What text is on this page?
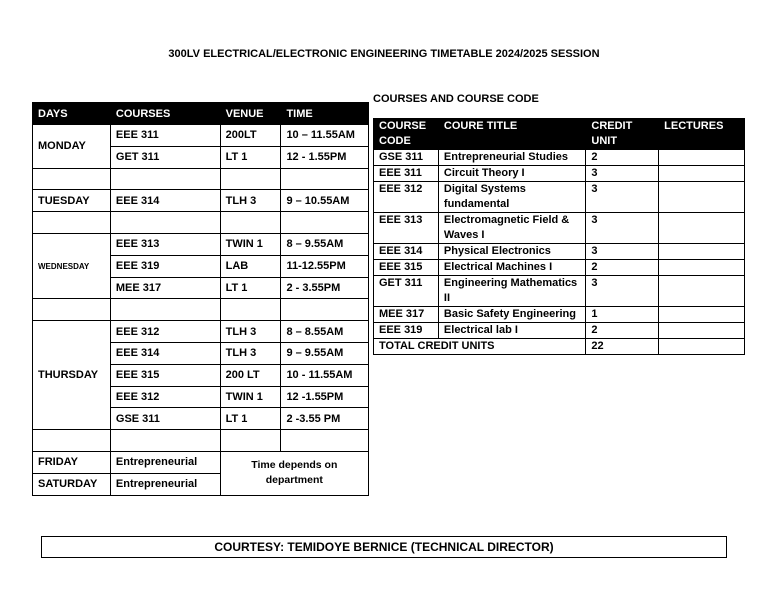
300LV ELECTRICAL/ELECTRONIC ENGINEERING TIMETABLE 2024/2025 SESSION
DAYS	COURSES	VENUE	TIME
MONDAY	EEE 311	200LT	10 – 11.55AM
	GET 311	LT 1	12 - 1.55PM

TUESDAY	EEE 314	TLH 3	9 – 10.55AM

WEDNESDAY	EEE 313	TWIN 1	8 – 9.55AM
	EEE 319	LAB	11-12.55PM
	MEE 317	LT 1	2 - 3.55PM

THURSDAY	EEE 312	TLH 3	8 – 8.55AM
	EEE 314	TLH 3	9 – 9.55AM
	EEE 315	200 LT	10 - 11.55AM
	EEE 312	TWIN 1	12 -1.55PM
	GSE 311	LT 1	2 -3.55 PM

FRIDAY	Entrepreneurial	Time depends on department	
SATURDAY	Entrepreneurial		
COURSES AND COURSE CODE
COURSE CODE	COURE TITLE	CREDIT UNIT	LECTURES
GSE 311	Entrepreneurial Studies	2	
EEE 311	Circuit Theory I	3	
EEE 312	Digital Systems fundamental	3	
EEE 313	Electromagnetic Field & Waves I	3	
EEE 314	Physical Electronics	3	
EEE 315	Electrical Machines I	2	
GET 311	Engineering Mathematics II	3	
MEE 317	Basic Safety Engineering	1	
EEE 319	Electrical lab I	2	
TOTAL CREDIT UNITS		22	
COURTESY: TEMIDOYE BERNICE (TECHNICAL DIRECTOR)
